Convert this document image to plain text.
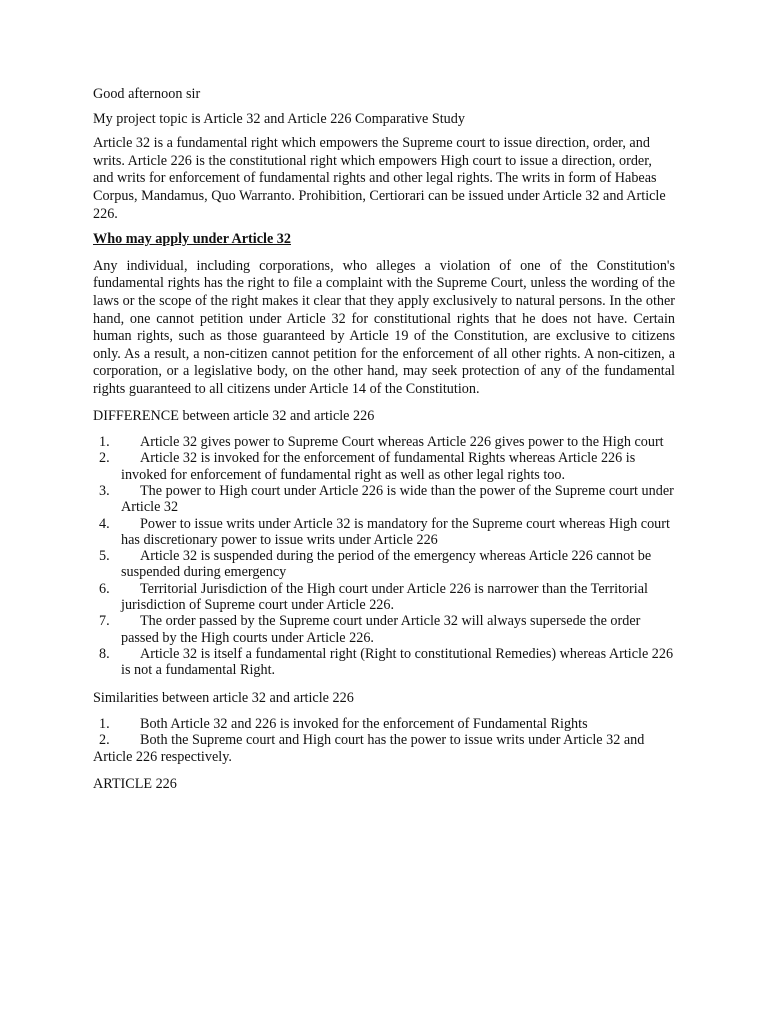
Good afternoon sir

My project topic is Article 32 and Article 226 Comparative Study

Article 32 is a fundamental right which empowers the Supreme court to issue direction, order, and writs. Article 226 is the constitutional right which empowers High court to issue a direction, order, and writs for enforcement of fundamental rights and other legal rights. The writs in form of Habeas Corpus, Mandamus, Quo Warranto. Prohibition, Certiorari can be issued under Article 32 and Article 226.

Who may apply under Article 32

Any individual, including corporations, who alleges a violation of one of the Constitution's fundamental rights has the right to file a complaint with the Supreme Court, unless the wording of the laws or the scope of the right makes it clear that they apply exclusively to natural persons. In the other hand, one cannot petition under Article 32 for constitutional rights that he does not have. Certain human rights, such as those guaranteed by Article 19 of the Constitution, are exclusive to citizens only. As a result, a non-citizen cannot petition for the enforcement of all other rights. A non-citizen, a corporation, or a legislative body, on the other hand, may seek protection of any of the fundamental rights guaranteed to all citizens under Article 14 of the Constitution.

DIFFERENCE between article 32 and article 226

1.	Article 32 gives power to Supreme Court whereas Article 226 gives power to the High court
2.	Article 32 is invoked for the enforcement of fundamental Rights whereas Article 226 is invoked for enforcement of fundamental right as well as other legal rights too.
3.	The power to High court under Article 226 is wide than the power of the Supreme court under Article 32
4.	Power to issue writs under Article 32 is mandatory for the Supreme court whereas High court has discretionary power to issue writs under Article 226
5.	Article 32 is suspended during the period of the emergency whereas Article 226 cannot be suspended during emergency
6.	Territorial Jurisdiction of the High court under Article 226 is narrower than the Territorial jurisdiction of Supreme court under Article 226.
7.	The order passed by the Supreme court under Article 32 will always supersede the order passed by the High courts under Article 226.
8.	Article 32 is itself a fundamental right (Right to constitutional Remedies) whereas Article 226 is not a fundamental Right.

Similarities between article 32 and article 226

1.	Both Article 32 and 226 is invoked for the enforcement of Fundamental Rights
2.	Both the Supreme court and High court has the power to issue writs under Article 32 and Article 226 respectively.

ARTICLE 226
